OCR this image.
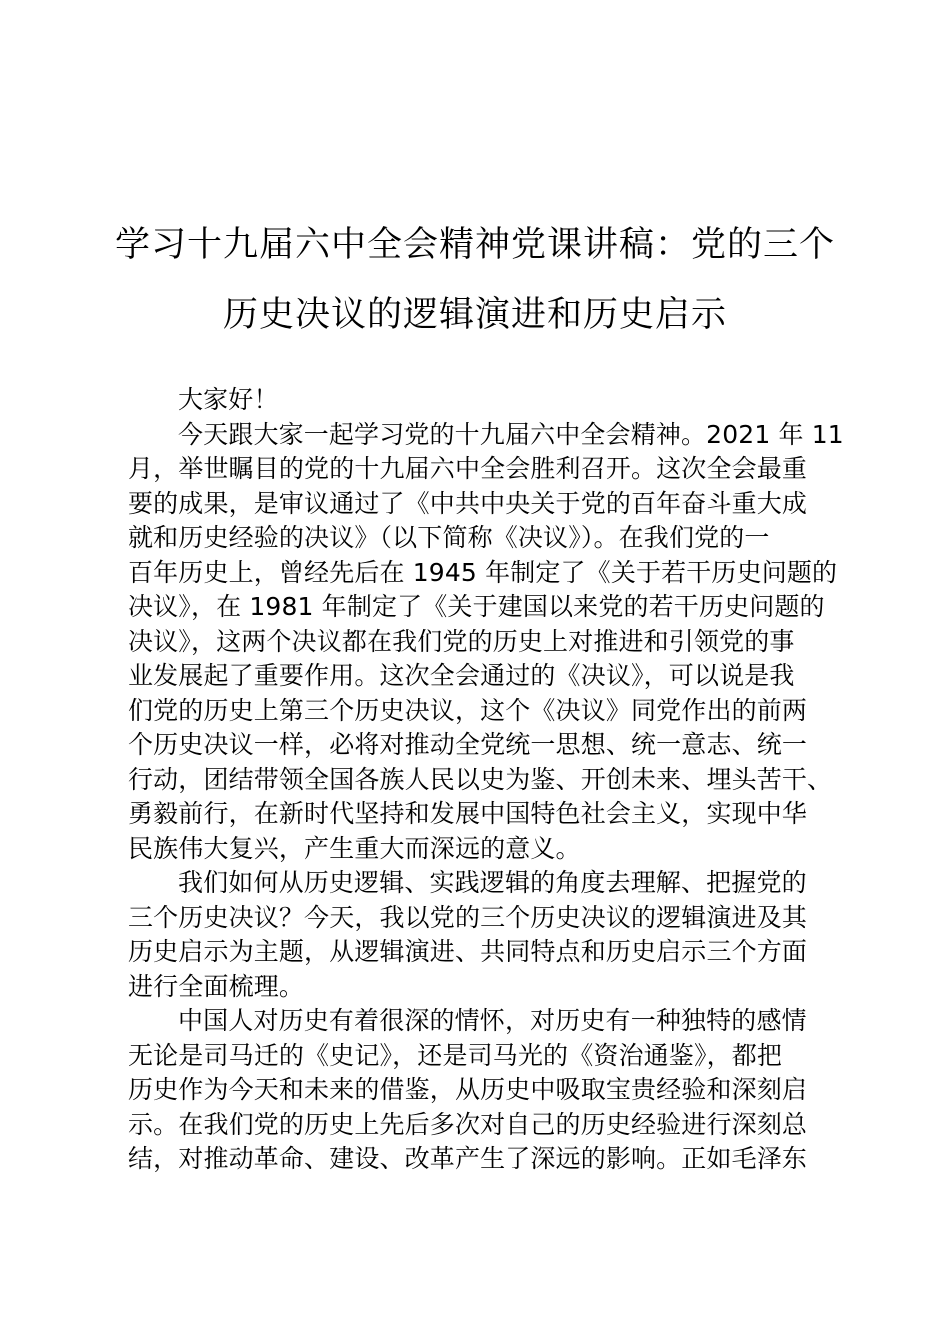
学习十九届六中全会精神党课讲稿：党的三个
历史决议的逻辑演进和历史启示
大家好！
今天跟大家一起学习党的十九届六中全会精神。2021 年 11
月，举世瞩目的党的十九届六中全会胜利召开。这次全会最重
要的成果，是审议通过了《中共中央关于党的百年奋斗重大成
就和历史经验的决议》（以下简称《决议》）。在我们党的一
百年历史上，曾经先后在 1945 年制定了《关于若干历史问题的
决议》，在 1981 年制定了《关于建国以来党的若干历史问题的
决议》，这两个决议都在我们党的历史上对推进和引领党的事
业发展起了重要作用。这次全会通过的《决议》，可以说是我
们党的历史上第三个历史决议，这个《决议》同党作出的前两
个历史决议一样，必将对推动全党统一思想、统一意志、统一
行动，团结带领全国各族人民以史为鉴、开创未来、埋头苦干、
勇毅前行，在新时代坚持和发展中国特色社会主义，实现中华
民族伟大复兴，产生重大而深远的意义。
我们如何从历史逻辑、实践逻辑的角度去理解、把握党的
三个历史决议？今天，我以党的三个历史决议的逻辑演进及其
历史启示为主题，从逻辑演进、共同特点和历史启示三个方面
进行全面梳理。
中国人对历史有着很深的情怀，对历史有一种独特的感情
无论是司马迁的《史记》，还是司马光的《资治通鉴》，都把
历史作为今天和未来的借鉴，从历史中吸取宝贵经验和深刻启
示。在我们党的历史上先后多次对自己的历史经验进行深刻总
结，对推动革命、建设、改革产生了深远的影响。正如毛泽东
